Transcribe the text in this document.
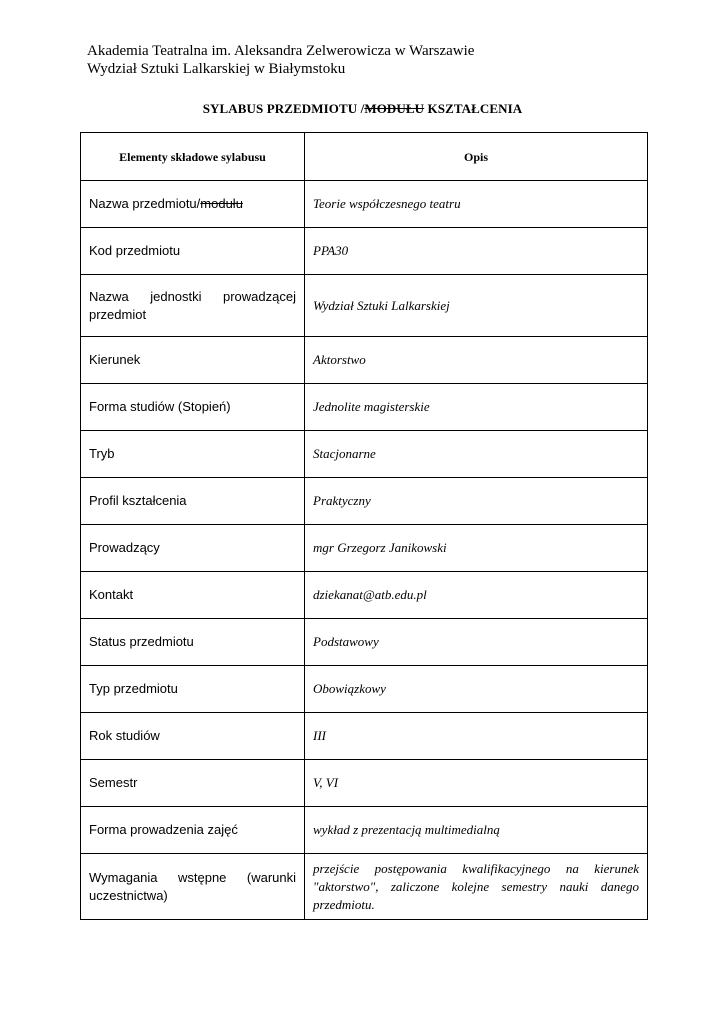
Akademia Teatralna im. Aleksandra Zelwerowicza w Warszawie
Wydział Sztuki Lalkarskiej w Białymstoku
SYLABUS PRZEDMIOTU /MODUŁU KSZTAŁCENIA
Elementy składowe sylabusu	Opis
Nazwa przedmiotu/modułu	Teorie współczesnego teatru
Kod przedmiotu	PPA30
Nazwa jednostki prowadzącej przedmiot	Wydział Sztuki Lalkarskiej
Kierunek	Aktorstwo
Forma studiów (Stopień)	Jednolite magisterskie
Tryb	Stacjonarne
Profil kształcenia	Praktyczny
Prowadzący	mgr Grzegorz Janikowski
Kontakt	dziekanat@atb.edu.pl
Status przedmiotu	Podstawowy
Typ przedmiotu	Obowiązkowy
Rok studiów	III
Semestr	V, VI
Forma prowadzenia zajęć	wykład z prezentacją multimedialną
Wymagania wstępne (warunki uczestnictwa)	przejście postępowania kwalifikacyjnego na kierunek "aktorstwo", zaliczone kolejne semestry nauki danego przedmiotu.
